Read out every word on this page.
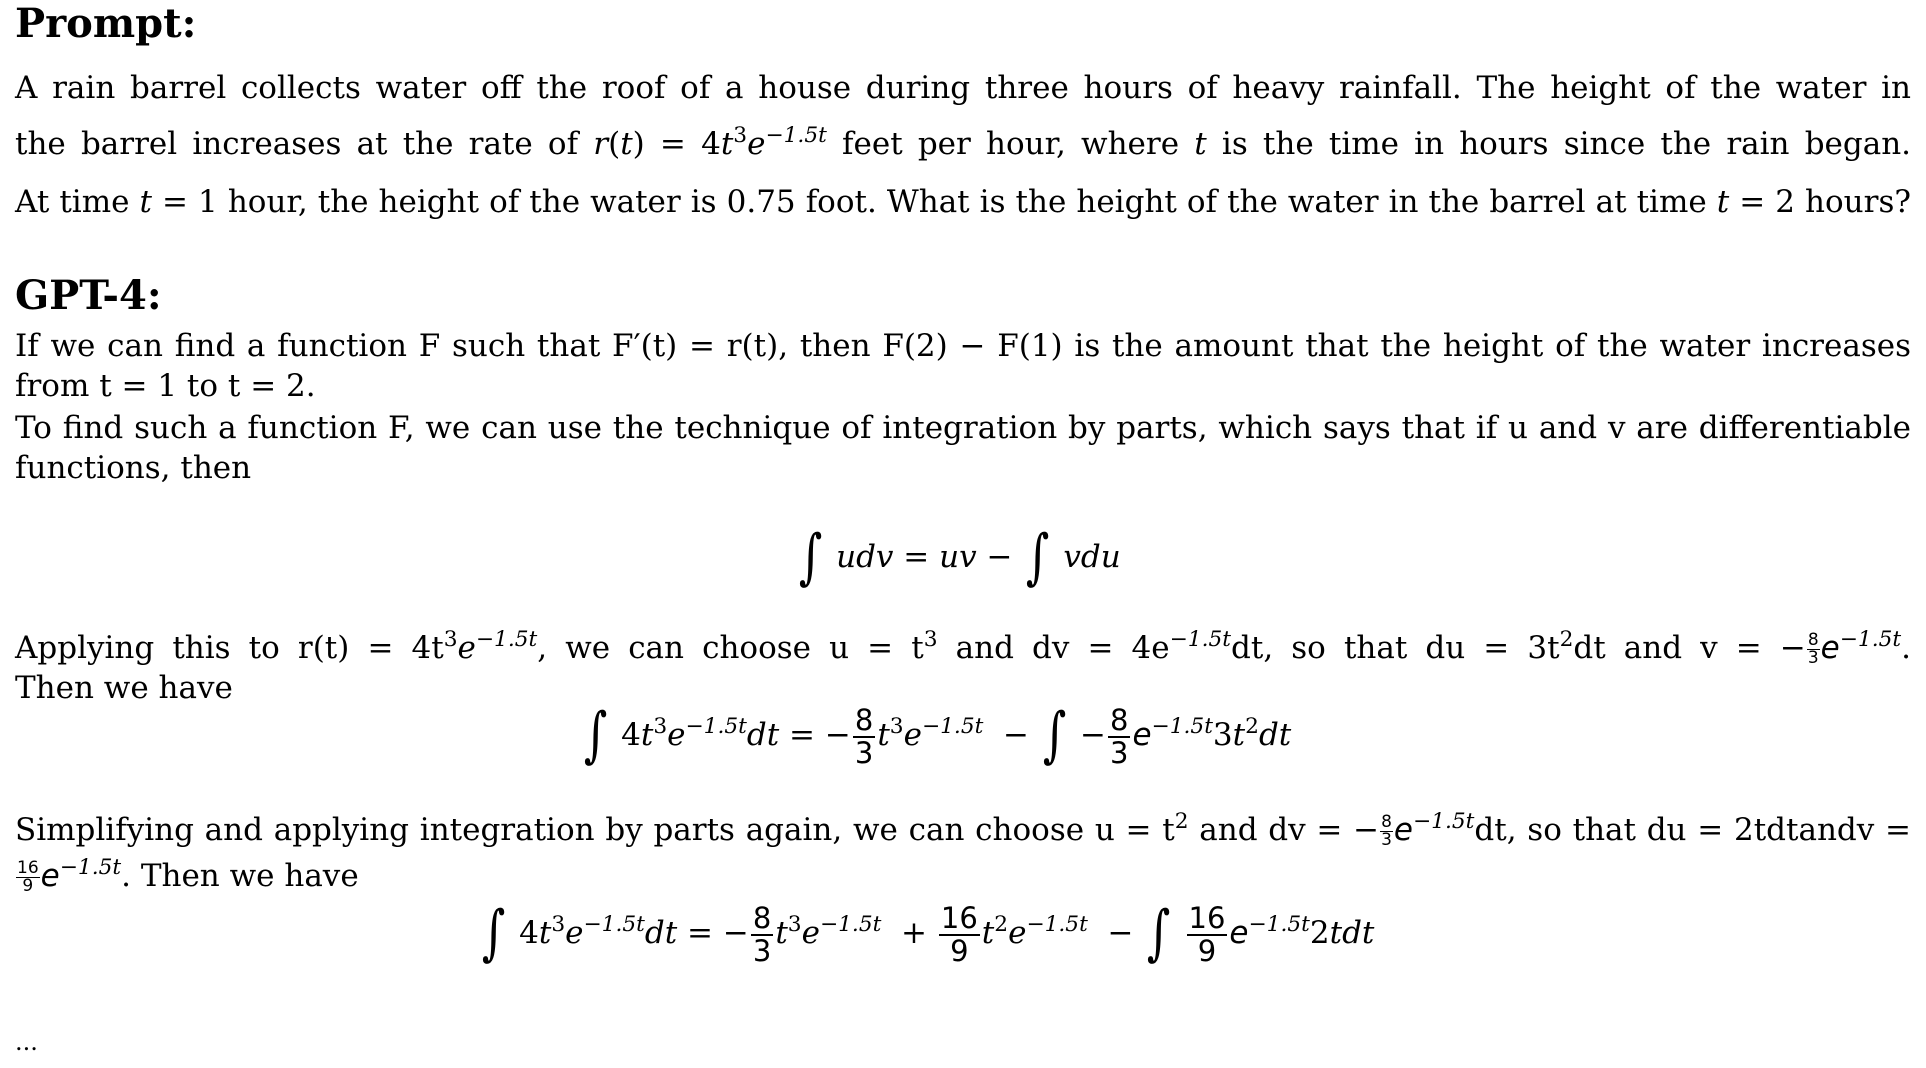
Prompt:
A rain barrel collects water off the roof of a house during three hours of heavy rainfall. The height of the water in
the barrel increases at the rate of $r(t) = 4t^3e^{-1.5t}$ feet per hour, where t is the time in hours since the rain began.
At time t = 1 hour, the height of the water is 0.75 foot. What is the height of the water in the barrel at time t = 2 hours?
GPT-4:
If we can find a function F such that F′(t) = r(t), then F(2) − F(1) is the amount that the height of the water increases
from t = 1 to t = 2.
To find such a function F, we can use the technique of integration by parts, which says that if u and v are differentiable
functions, then
∫ udv = uv − ∫ vdu
Applying this to $r(t) = 4t^3e^{-1.5t}$, we can choose $u = t^3$ and dv = $4e^{-1.5t}dt$, so that du = $3t^2dt$ and v = − $\frac{8}{3} e^{-1.5t}$.
Then we have
∫ $4t^3e^{-1.5t}dt$ = − $\frac{8}{3} t^3e^{-1.5t}$  − ∫ − $\frac{8}{3} e^{-1.5t}3t^2dt$
Simplifying and applying integration by parts again, we can choose $u = t^2$ and dv = − $\frac{8}{3} e^{-1.5t}dt$, so that du = 2tdtandv =
$\frac{16}{9} e^{-1.5t}$. Then we have
∫ $4t^3e^{-1.5t}dt$ = − $\frac{8}{3} t^3e^{-1.5t} + \frac{16}{9} t^2e^{-1.5t}$  − ∫ $\frac{16}{9} e^{-1.5t}2tdt$
...
